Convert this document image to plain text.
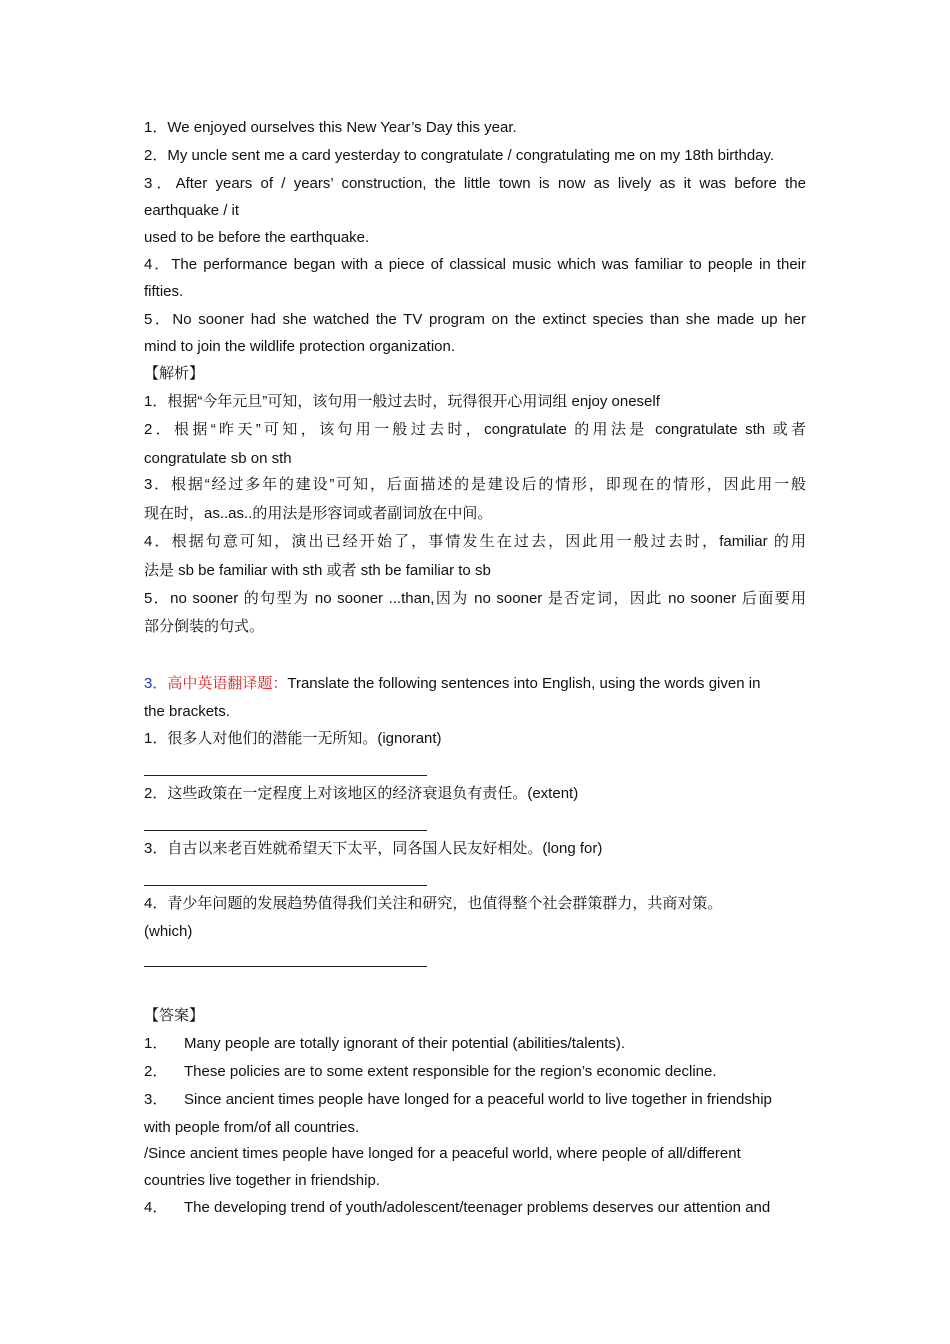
1．We enjoyed ourselves this New Year’s Day this year.
2．My uncle sent me a card yesterday to congratulate / congratulating me on my 18th birthday.
3．After years of / years’ construction, the little town is now as lively as it was before the
earthquake / it
used to be before the earthquake.
4．The performance began with a piece of classical music which was familiar to people in their
fifties.
5．No sooner had she watched the TV program on the extinct species than she made up her
mind to join the wildlife protection organization.
【解析】
1．根据“今年元旦”可知，该句用一般过去时，玩得很开心用词组 enjoy oneself
2．根据“昨天”可知，该句用一般过去时，congratulate 的用法是 congratulate sth 或者
congratulate sb on sth
3．根据“经过多年的建设”可知，后面描述的是建设后的情形，即现在的情形，因此用一般
现在时，as..as..的用法是形容词或者副词放在中间。
4．根据句意可知，演出已经开始了，事情发生在过去，因此用一般过去时，familiar 的用
法是 sb be familiar with sth 或者 sth be familiar to sb
5．no sooner 的句型为 no sooner ...than,因为 no sooner 是否定词，因此 no sooner 后面要用
部分倒装的句式。
3．高中英语翻译题：Translate the following sentences into English, using the words given in
the brackets.
1．很多人对他们的潜能一无所知。(ignorant)
2．这些政策在一定程度上对该地区的经济衰退负有责任。(extent)
3．自古以来老百姓就希望天下太平，同各国人民友好相处。(long for)
4．青少年问题的发展趋势值得我们关注和研究，也值得整个社会群策群力，共商对策。
(which)
【答案】
1． Many people are totally ignorant of their potential (abilities/talents).
2． These policies are to some extent responsible for the region’s economic decline.
3． Since ancient times people have longed for a peaceful world to live together in friendship
with people from/of all countries.
/Since ancient times people have longed for a peaceful world, where people of all/different
countries live together in friendship.
4． The developing trend of youth/adolescent/teenager problems deserves our attention and
